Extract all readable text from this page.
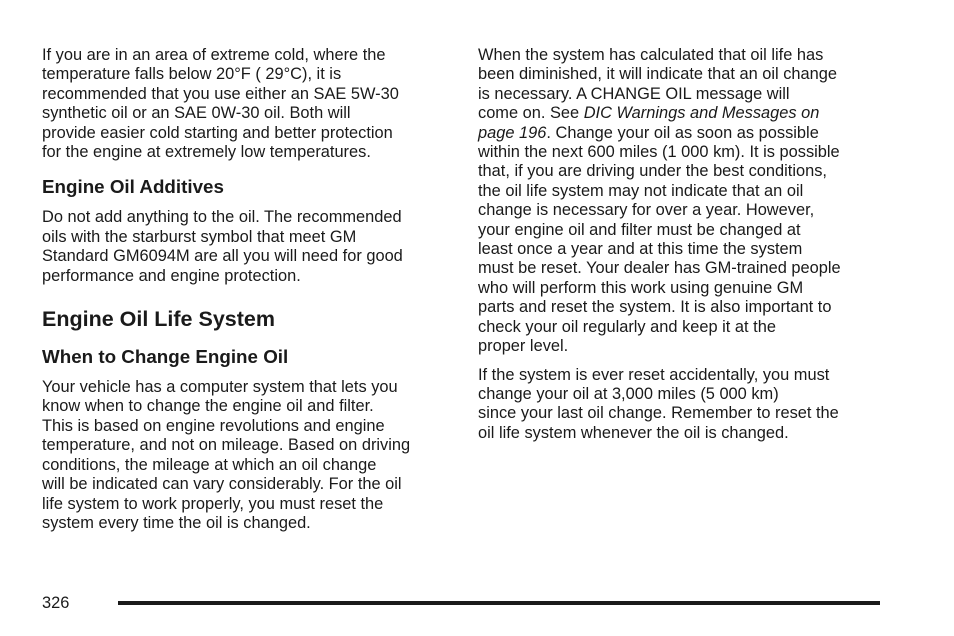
If you are in an area of extreme cold, where the
temperature falls below 20°F ( 29°C), it is
recommended that you use either an SAE 5W-30
synthetic oil or an SAE 0W-30 oil. Both will
provide easier cold starting and better protection
for the engine at extremely low temperatures.

Engine Oil Additives

Do not add anything to the oil. The recommended
oils with the starburst symbol that meet GM
Standard GM6094M are all you will need for good
performance and engine protection.

Engine Oil Life System
When to Change Engine Oil

Your vehicle has a computer system that lets you
know when to change the engine oil and filter.
This is based on engine revolutions and engine
temperature, and not on mileage. Based on driving
conditions, the mileage at which an oil change
will be indicated can vary considerably. For the oil
life system to work properly, you must reset the
system every time the oil is changed.

When the system has calculated that oil life has
been diminished, it will indicate that an oil change
is necessary. A CHANGE OIL message will
come on. See DIC Warnings and Messages on
page 196. Change your oil as soon as possible
within the next 600 miles (1 000 km). It is possible
that, if you are driving under the best conditions,
the oil life system may not indicate that an oil
change is necessary for over a year. However,
your engine oil and filter must be changed at
least once a year and at this time the system
must be reset. Your dealer has GM-trained people
who will perform this work using genuine GM
parts and reset the system. It is also important to
check your oil regularly and keep it at the
proper level.

If the system is ever reset accidentally, you must
change your oil at 3,000 miles (5 000 km)
since your last oil change. Remember to reset the
oil life system whenever the oil is changed.

326
